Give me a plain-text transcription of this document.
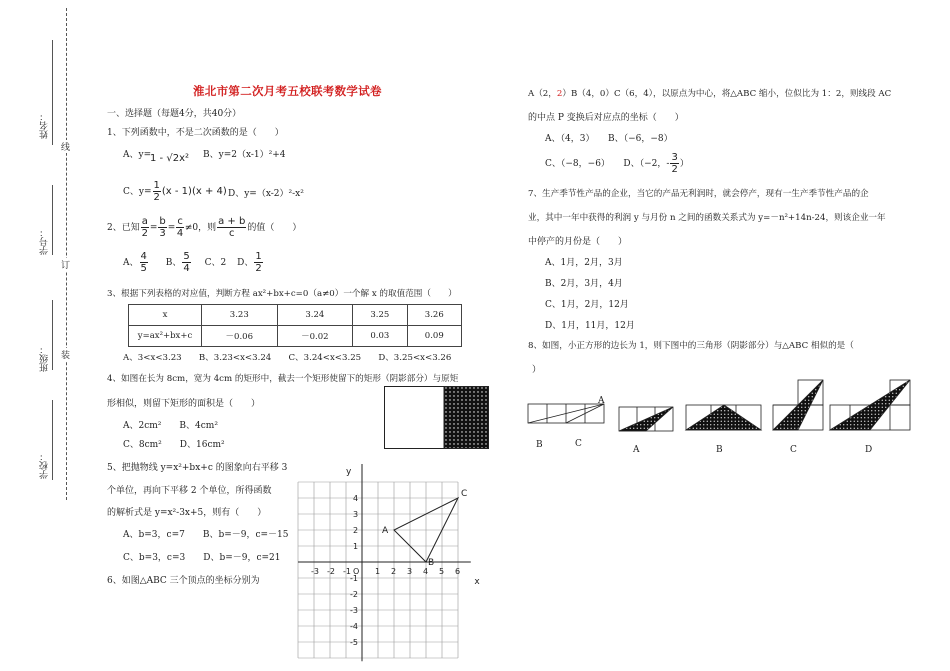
姓名：
学号：
班级：
学校：
线
订
装
淮北市第二次月考五校联考数学试卷
一、选择题（每题4分，共40分）
1、下列函数中，不是二次函数的是（　　）
A、y=
1 - √2x² B、y=2（x-1）²+4
C、$y= \frac{1}{2} (x - 1)(x + 4)$ D、y=（x-2）²-x²
2、已知 $\frac{a}{2} = \frac{b}{3} = \frac{c}{4} \ne 0$，则 $\frac{a + b}{c}$ 的值（　　）
A、 $\frac{4}{5}$ B、 $\frac{5}{4}$ C、2 D、 $\frac{1}{2}$
3、根据下列表格的对应值，判断方程 ax²+bx+c=0（a≠0）一个解 x 的取值范围（　　）
x	3.23	3.24	3.25	3.26
y=ax²+bx+c	－0.06	－0.02	0.03	0.09
A、3<x<3.23　　B、3.23<x<3.24　　C、3.24<x<3.25　　D、3.25<x<3.26
4、如图在长为 8cm，宽为 4cm 的矩形中，截去一个矩形使留下的矩形（阴影部分）与原矩
形相似，则留下矩形的面积是（　　）
A、2cm²　　B、4cm²
C、8cm²　　D、16cm²
5、把抛物线 y=x²+bx+c 的图象向右平移 3
个单位，再向下平移 2 个单位，所得函数
的解析式是 y=x²-3x+5，则有（　　）
A、b=3，c=7　　B、b=－9，c=－15
C、b=3，c=3　　D、b=－9，c=21
6、如图△ABC 三个顶点的坐标分别为
-3 -2 -1	1 2 3 4 5 6
4
3
2
1
-1
-2
-3
-4
-5
O
x
y
A
B
C
A（2，2）B（4，0）C（6，4），以原点为中心，将△ABC 缩小，位似比为 1：2，则线段 AC
的中点 P 变换后对应点的坐标（　　）
A、（4，3）　　B、（−6，−8）
C、（−8，−6）　　D、（−2，- $\frac{3}{2}$ ）
7、生产季节性产品的企业，当它的产品无利润时，就会停产，现有一生产季节性产品的企
业，其中一年中获得的利润 y 与月份 n 之间的函数关系式为 y=－n²+14n-24，则该企业一年
中停产的月份是（　　）
A、1月，2月，3月
B、2月，3月，4月
C、1月，2月，12月
D、1月，11月，12月
8、如图，小正方形的边长为 1，则下图中的三角形（阴影部分）与△ABC 相似的是（
）
A
B	C
A	B	C	D
